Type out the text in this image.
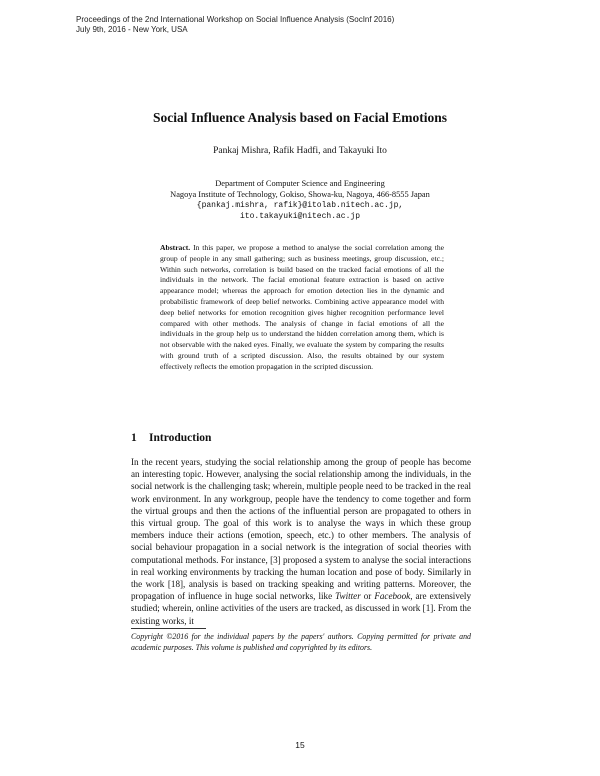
Proceedings of the 2nd International Workshop on Social Influence Analysis (SocInf 2016)
July 9th, 2016 - New York, USA
Social Influence Analysis based on Facial Emotions
Pankaj Mishra, Rafik Hadfi, and Takayuki Ito
Department of Computer Science and Engineering
Nagoya Institute of Technology, Gokiso, Showa-ku, Nagoya, 466-8555 Japan
{pankaj.mishra, rafik}@itolab.nitech.ac.jp,
ito.takayuki@nitech.ac.jp
Abstract. In this paper, we propose a method to analyse the social correlation among the group of people in any small gathering; such as business meetings, group discussion, etc.; Within such networks, correlation is build based on the tracked facial emotions of all the individuals in the network. The facial emotional feature extraction is based on active appearance model; whereas the approach for emotion detection lies in the dynamic and probabilistic framework of deep belief networks. Combining active appearance model with deep belief networks for emotion recognition gives higher recognition performance level compared with other methods. The analysis of change in facial emotions of all the individuals in the group help us to understand the hidden correlation among them, which is not observable with the naked eyes. Finally, we evaluate the system by comparing the results with ground truth of a scripted discussion. Also, the results obtained by our system effectively reflects the emotion propagation in the scripted discussion.
1 Introduction
In the recent years, studying the social relationship among the group of people has become an interesting topic. However, analysing the social relationship among the individuals, in the social network is the challenging task; wherein, multiple people need to be tracked in the real work environment. In any workgroup, people have the tendency to come together and form the virtual groups and then the actions of the influential person are propagated to others in this virtual group. The goal of this work is to analyse the ways in which these group members induce their actions (emotion, speech, etc.) to other members. The analysis of social behaviour propagation in a social network is the integration of social theories with computational methods. For instance, [3] proposed a system to analyse the social interactions in real working environments by tracking the human location and pose of body. Similarly in the work [18], analysis is based on tracking speaking and writing patterns. Moreover, the propagation of influence in huge social networks, like Twitter or Facebook, are extensively studied; wherein, online activities of the users are tracked, as discussed in work [1]. From the existing works, it
Copyright ©2016 for the individual papers by the papers' authors. Copying permitted for private and academic purposes. This volume is published and copyrighted by its editors.
15
